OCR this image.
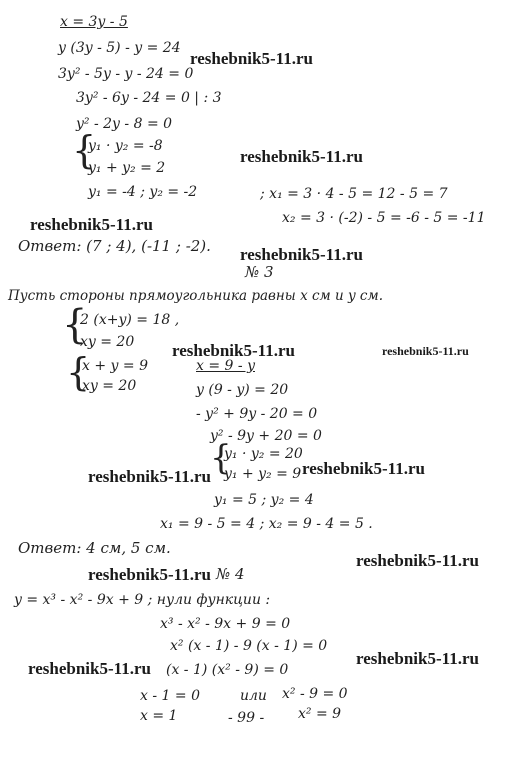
x = 3y - 5
y (3y - 5) - y = 24
reshebnik5-11.ru
3y² - 5y - y - 24 = 0
3y² - 6y - 24 = 0 | : 3
y² - 2y - 8 = 0
{
y₁ · y₂ = -8
reshebnik5-11.ru
y₁ + y₂ = 2
y₁ = -4 ; y₂ = -2	; x₁ = 3 · 4 - 5 = 12 - 5 = 7
x₂ = 3 · (-2) - 5 = -6 - 5 = -11
reshebnik5-11.ru
Ответ: (7 ; 4), (-11 ; -2). reshebnik5-11.ru
№ 3
Пусть стороны прямоугольника равны x см и y см.
{
2 (x+y) = 18 ,
xy = 20
reshebnik5-11.ru
reshebnik5-11.ru
{
x + y = 9	x = 9 - y
xy = 20	y (9 - y) = 20
- y² + 9y - 20 = 0
y² - 9y + 20 = 0
{
y₁ · y₂ = 20
reshebnik5-11.ru y₁ + y₂ = 9 reshebnik5-11.ru
y₁ = 5 ; y₂ = 4
x₁ = 9 - 5 = 4 ; x₂ = 9 - 4 = 5 .
Ответ: 4 см, 5 см.
reshebnik5-11.ru
reshebnik5-11.ru № 4
y = x³ - x² - 9x + 9 ; нули функции :
x³ - x² - 9x + 9 = 0
x² (x - 1) - 9 (x - 1) = 0
reshebnik5-11.ru (x - 1) (x² - 9) = 0
reshebnik5-11.ru
x - 1 = 0	или x² - 9 = 0
x = 1	- 99 - x² = 9
